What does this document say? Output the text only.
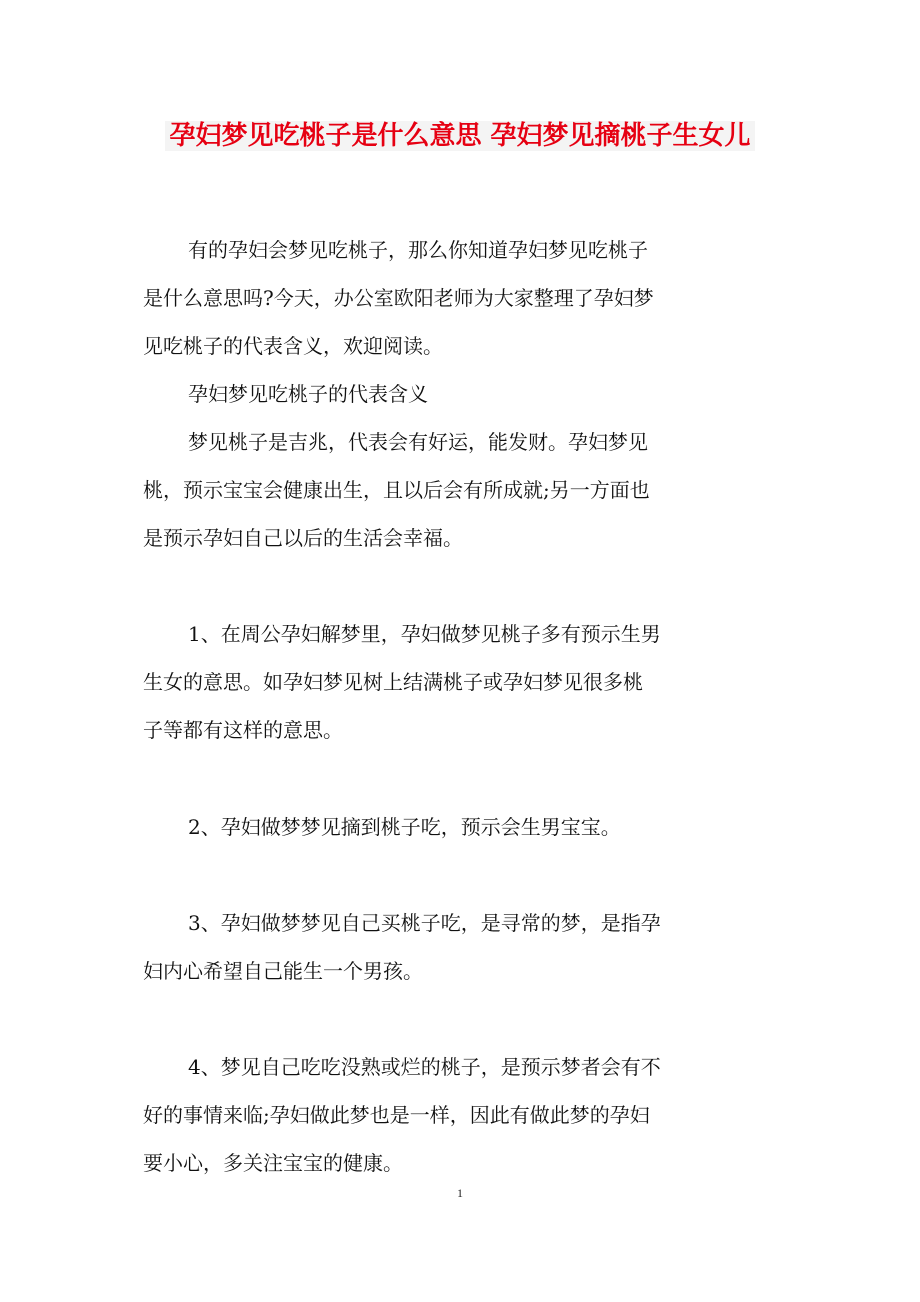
孕妇梦见吃桃子是什么意思 孕妇梦见摘桃子生女儿

有的孕妇会梦见吃桃子，那么你知道孕妇梦见吃桃子

是什么意思吗?今天，办公室欧阳老师为大家整理了孕妇梦

见吃桃子的代表含义，欢迎阅读。

孕妇梦见吃桃子的代表含义

梦见桃子是吉兆，代表会有好运，能发财。孕妇梦见

桃，预示宝宝会健康出生，且以后会有所成就;另一方面也

是预示孕妇自己以后的生活会幸福。

1、在周公孕妇解梦里，孕妇做梦见桃子多有预示生男

生女的意思。如孕妇梦见树上结满桃子或孕妇梦见很多桃

子等都有这样的意思。

2、孕妇做梦梦见摘到桃子吃，预示会生男宝宝。

3、孕妇做梦梦见自己买桃子吃，是寻常的梦，是指孕

妇内心希望自己能生一个男孩。

4、梦见自己吃吃没熟或烂的桃子，是预示梦者会有不

好的事情来临;孕妇做此梦也是一样，因此有做此梦的孕妇

要小心，多关注宝宝的健康。

1
